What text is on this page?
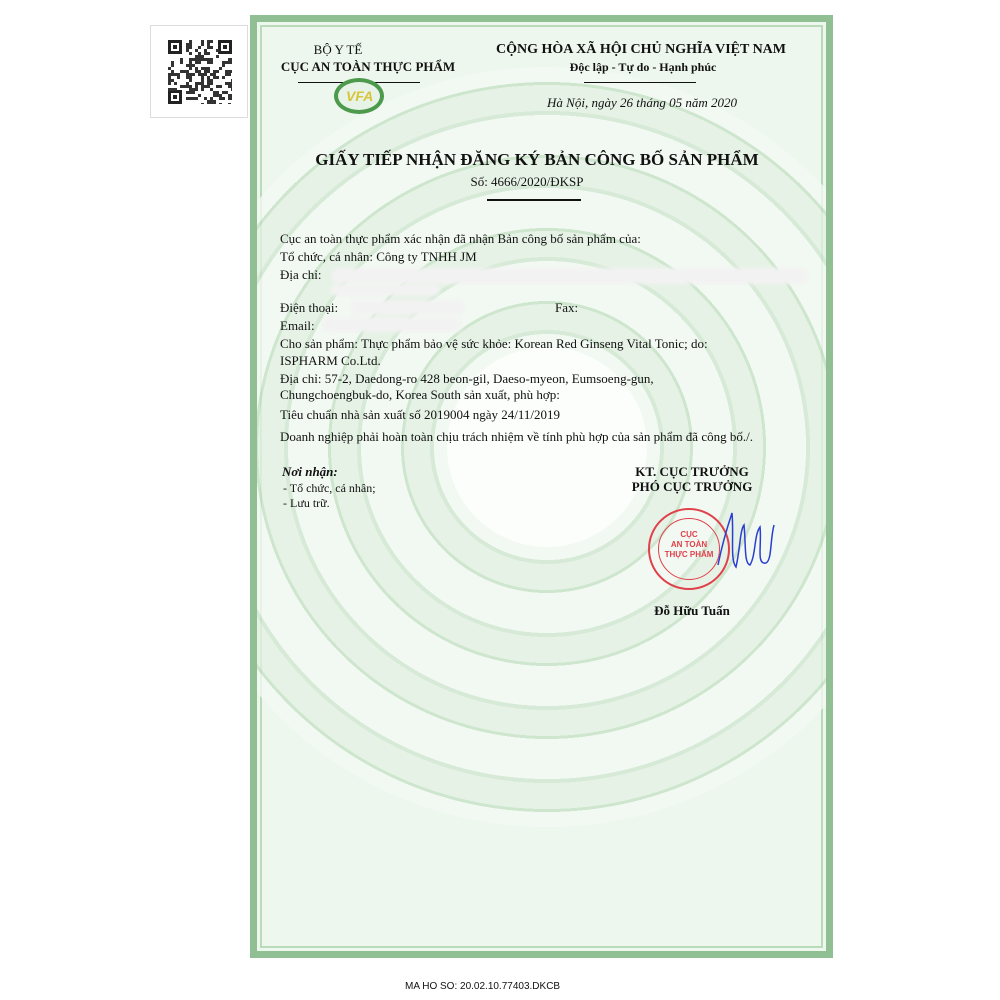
BỘ Y TẾ
CỤC AN TOÀN THỰC PHẨM
VFA
CỘNG HÒA XÃ HỘI CHỦ NGHĨA VIỆT NAM
Độc lập - Tự do - Hạnh phúc
Hà Nội, ngày 26 tháng 05 năm 2020
GIẤY TIẾP NHẬN ĐĂNG KÝ BẢN CÔNG BỐ SẢN PHẨM
Số: 4666/2020/ĐKSP
Cục an toàn thực phẩm xác nhận đã nhận Bản công bố sản phẩm của:
Tổ chức, cá nhân: Công ty TNHH JM
Địa chỉ:
Điện thoại:	Fax:
Email:
Cho sản phẩm: Thực phẩm bảo vệ sức khỏe: Korean Red Ginseng Vital Tonic; do:
ISPHARM Co.Ltd.
Địa chỉ: 57-2, Daedong-ro 428 beon-gil, Daeso-myeon, Eumsoeng-gun,
Chungchoengbuk-do, Korea South sản xuất, phù hợp:
Tiêu chuẩn nhà sản xuất số 2019004 ngày 24/11/2019
Doanh nghiệp phải hoàn toàn chịu trách nhiệm về tính phù hợp của sản phẩm đã công bố./.
Nơi nhận:
- Tổ chức, cá nhân;
- Lưu trữ.
KT. CỤC TRƯỞNG
PHÓ CỤC TRƯỞNG
CỤC
AN TOÀN
THỰC PHẨM
Đỗ Hữu Tuấn
MA HO SO: 20.02.10.77403.DKCB
